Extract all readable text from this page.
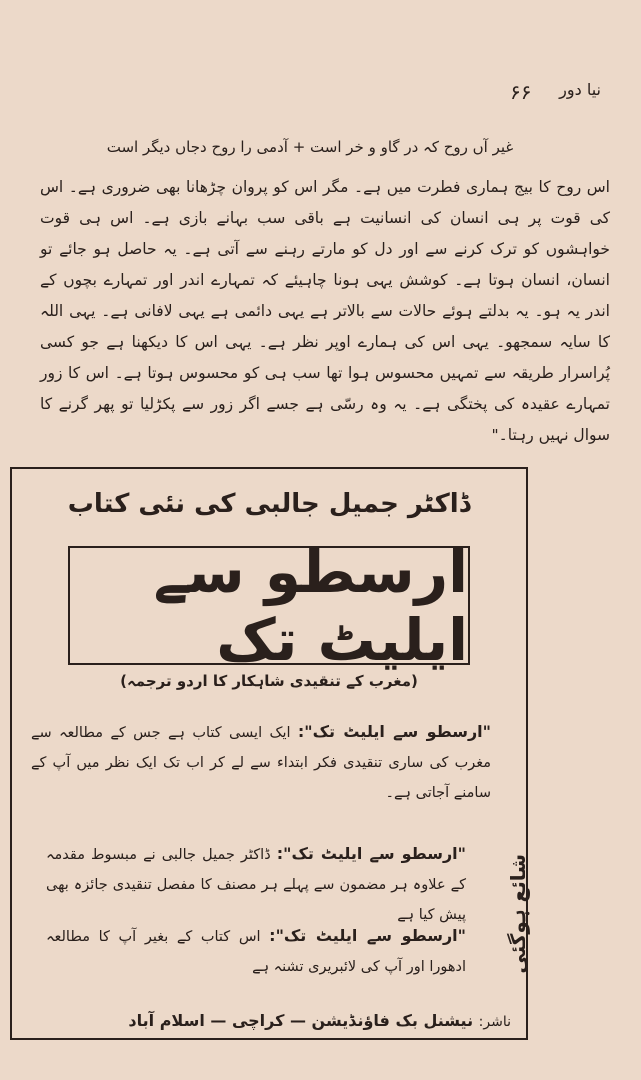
۶۶ نیا دور
غیر آں روح کہ در گاو و خر است + آدمی را روح دجاں دیگر است

اس روح کا بیج ہماری فطرت میں ہے۔ مگر اس کو پروان چڑھانا بھی ضروری ہے۔ اس کی قوت پر ہی انسان کی انسانیت ہے باقی سب بہانے بازی ہے۔ اس ہی قوت خواہشوں کو ترک کرنے سے اور دل کو مارتے رہنے سے آتی ہے۔ یہ حاصل ہو جائے تو انسان، انسان ہوتا ہے۔ کوشش یہی ہونا چاہیئے کہ تمہارے اندر اور تمہارے بچوں کے اندر یہ ہو۔ یہ بدلتے ہوئے حالات سے بالاتر ہے یہی دائمی ہے یہی لافانی ہے۔ یہی اللہ کا سایہ سمجھو۔ یہی اس کی ہمارے اوپر نظر ہے۔ یہی اس کا دیکھنا ہے جو کسی پُراسرار طریقہ سے تمہیں محسوس ہوا تھا سب ہی کو محسوس ہوتا ہے۔ اس کا زور تمہارے عقیدہ کی پختگی ہے۔ یہ وہ رسّی ہے جسے اگر زور سے پکڑلیا تو پھر گرنے کا سوال نہیں رہتا۔"

ڈاکٹر جمیل جالبی کی نئی کتاب
ارسطو سے ایلیٹ تک
(مغرب کے تنقیدی شاہکار کا اردو ترجمہ)

"ارسطو سے ایلیٹ تک": ایک ایسی کتاب ہے جس کے مطالعہ سے مغرب کی ساری تنقیدی فکر ابتداء سے لے کر اب تک ایک نظر میں آپ کے سامنے آجاتی ہے۔

"ارسطو سے ایلیٹ تک": ڈاکٹر جمیل جالبی نے مبسوط مقدمہ کے علاوہ ہر مضمون سے پہلے ہر مصنف کا مفصل تنقیدی جائزہ بھی پیش کیا ہے

"ارسطو سے ایلیٹ تک": اس کتاب کے بغیر آپ کا مطالعہ ادھورا اور آپ کی لائبریری تشنہ ہے شائع ہوگئی
ناشر: نیشنل بک فاؤنڈیشن — کراچی — اسلام آباد
